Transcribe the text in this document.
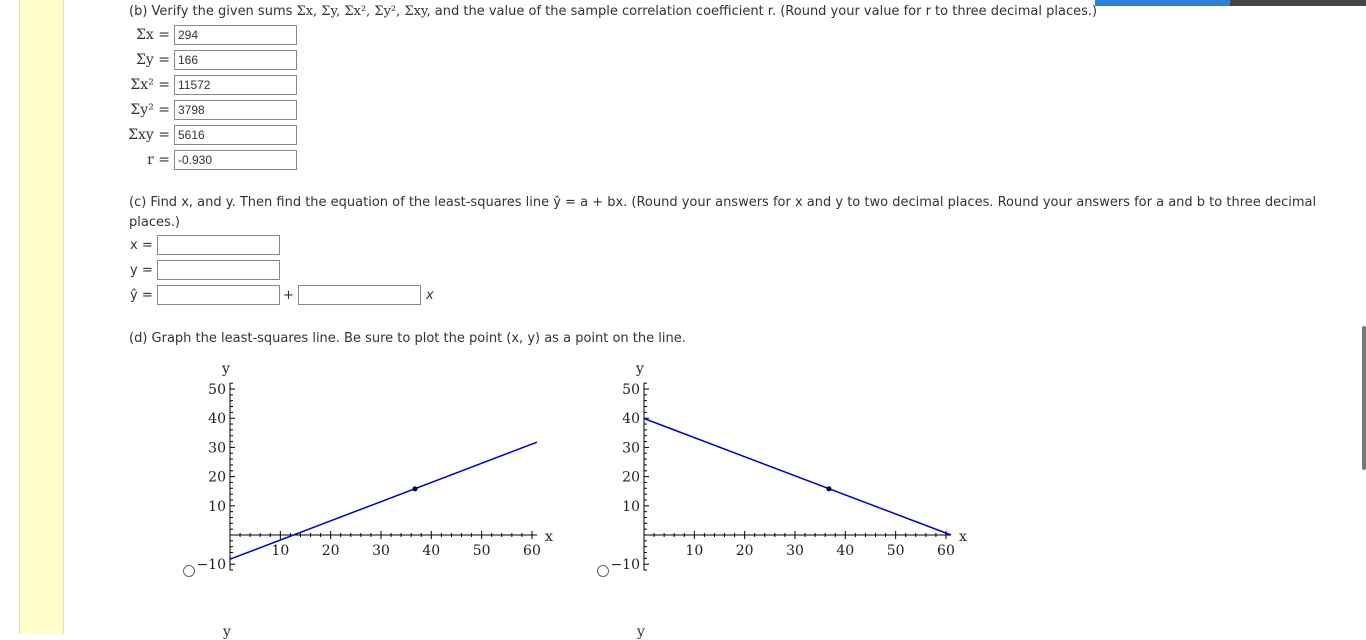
(b) Verify the given sums Σx, Σy, Σx², Σy², Σxy, and the value of the sample correlation coefficient r. (Round your value for r to three decimal places.)
Σx =
294
Σy =
166
Σx² =
11572
Σy² =
3798
Σxy =
5616
r =
-0.930
(c) Find x, and y. Then find the equation of the least-squares line ŷ = a + bx. (Round your answers for x and y to two decimal places. Round your answers for a and b to three decimal
places.)
x =
y =
ŷ =	+	x
(d) Graph the least-squares line. Be sure to plot the point (x, y) as a point on the line.
−10
10
20
30
40
50
10 20 30 40 50 60
x
y
−10
10
20
30
40
50
10 20 30 40 50 60
x
y
y	y
